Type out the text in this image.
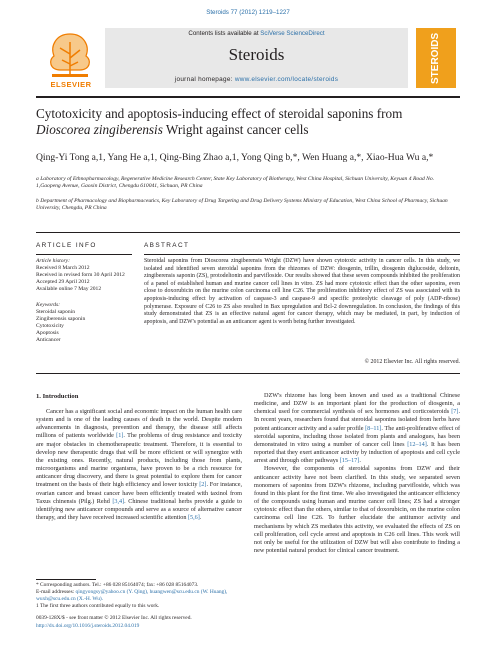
Steroids 77 (2012) 1219–1227
ELSEVIER
Contents lists available at SciVerse ScienceDirect
Steroids
journal homepage: www.elsevier.com/locate/steroids	STEROIDS
Cytotoxicity and apoptosis-inducing effect of steroidal saponins from
Dioscorea zingiberensis Wright against cancer cells
Qing-Yi Tong a,1, Yang He a,1, Qing-Bing Zhao a,1, Yong Qing b,*, Wen Huang a,*, Xiao-Hua Wu a,*
a Laboratory of Ethnopharmacology, Regenerative Medicine Research Center, State Key Laboratory of Biotherapy, West China Hospital, Sichuan University, Keyuan 4 Road No. 1,Gaopeng Avenue, Gaoxin District, Chengdu 610041, Sichuan, PR China
b Department of Pharmacology and Biopharmaceutics, Key Laboratory of Drug Targeting and Drug Delivery Systems Ministry of Education, West China School of Pharmacy, Sichuan University, Chengdu, PR China
ARTICLE INFO	ABSTRACT
Article history:
Received 8 March 2012
Received in revised form 30 April 2012
Accepted 29 April 2012
Available online 7 May 2012
Keywords:
Steroidal saponin
Zingiberensis saponin
Cytotoxicity
Apoptosis
Anticancer
Steroidal saponins from Dioscorea zingiberensis Wright (DZW) have shown cytotoxic activity in cancer cells. In this study, we isolated and identified seven steroidal saponins from the rhizomes of DZW: diosgenin, trillin, diosgenin diglucoside, deltonin, zingiberensis saponin (ZS), protodeltonin and parvifloside. Our results showed that these seven compounds inhibited the proliferation of a panel of established human and murine cancer cell lines in vitro. ZS had more cytotoxic effect than the other saponins, even close to doxorubicin on the murine colon carcinoma cell line C26. The proliferation inhibitory effect of ZS was associated with its apoptosis-inducing effect by activation of caspase-3 and caspase-9 and specific proteolytic cleavage of poly (ADP-ribose) polymerase. Exposure of C26 to ZS also resulted in Bax upregulation and Bcl-2 downregulation. In conclusion, the findings of this study demonstrated that ZS is an effective natural agent for cancer therapy, which may be mediated, in part, by induction of apoptosis, and DZW's potential as an anticancer agent is worth being further investigated.
© 2012 Elsevier Inc. All rights reserved.
1. Introduction

Cancer has a significant social and economic impact on the human health care system and is one of the leading causes of death in the world. Despite modern advancements in diagnosis, prevention and therapy, the disease still affects millions of patients worldwide [1]. The problems of drug resistance and toxicity are major obstacles in chemotherapeutic treatment. Therefore, it is essential to develop new therapeutic drugs that will be more efficient or will synergize with the existing ones. Recently, natural products, including those from plants, microorganisms and marine organisms, have proven to be a rich resource for anticancer drug discovery, and there is great potential to explore them for cancer treatment on the basis of their high efficiency and lower toxicity [2]. For instance, ovarian cancer and breast cancer have been efficiently treated with taxinol from Taxus chinensis (Pilg.) Rehd [3,4]. Chinese traditional herbs provide a guide to identifying new anticancer compounds and serve as a source of alternative cancer therapy, and they have received increased scientific attention [5,6].

DZW's rhizome has long been known and used as a traditional Chinese medicine, and DZW is an important plant for the production of diosgenin, a chemical used for commercial synthesis of sex hormones and corticosteroids [7]. In recent years, researchers found that steroidal saponins isolated from herbs have potent anticancer activity and a safer profile [8–11]. The anti-proliferative effect of steroidal saponins, including those isolated from plants and analogues, has been demonstrated in vitro using a number of cancer cell lines [12–14]. It has been reported that they exert anticancer activity by induction of apoptosis and cell cycle arrest and through other pathways [15–17].

However, the components of steroidal saponins from DZW and their anticancer activity have not been clarified. In this study, we separated seven monomers of saponins from DZW's rhizome, including parvifloside, which was found in this plant for the first time. We also investigated the anticancer efficiency of the compounds using human and murine cancer cell lines; ZS had a stronger cytotoxic effect than the others, similar to that of doxorubicin, on the murine colon carcinoma cell line C26. To further elucidate the antitumor activity and mechanisms by which ZS mediates this activity, we evaluated the effects of ZS on cell proliferation, cell cycle arrest and apoptosis in C26 cell lines. This work will not only be useful for the utilization of DZW but will also contribute to finding a new potential natural product for clinical cancer treatment.

* Corresponding authors. Tel.: +86 028 85164074; fax: +86 028 85164073.
E-mail addresses: qingyongsy@yahoo.cn (Y. Qing), huangwen@scu.edu.cn (W. Huang), wuxh@scu.edu.cn (X.-H. Wu).
1 The first three authors contributed equally to this work.
0039-128X/$ - see front matter © 2012 Elsevier Inc. All rights reserved.
http://dx.doi.org/10.1016/j.steroids.2012.04.019
